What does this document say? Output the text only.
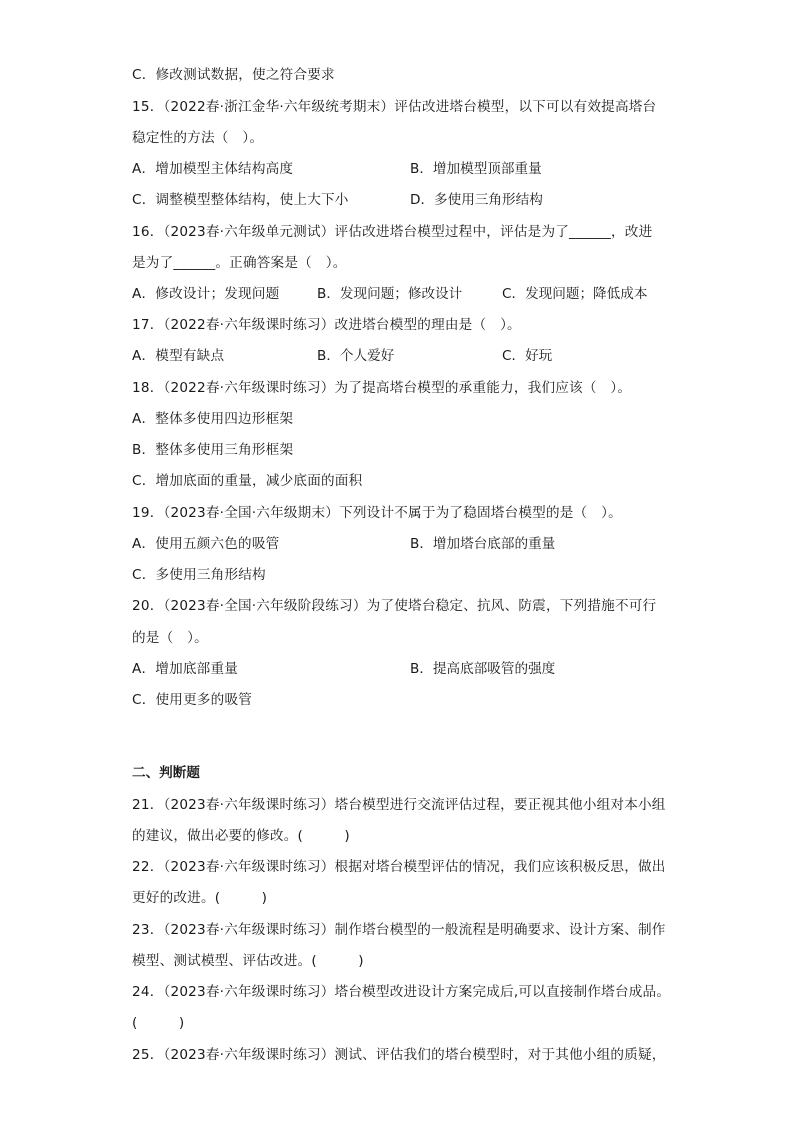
C．修改测试数据，使之符合要求
15．（2022春·浙江金华·六年级统考期末）评估改进塔台模型，以下可以有效提高塔台
稳定性的方法（　）。
A．增加模型主体结构高度	B．增加模型顶部重量
C．调整模型整体结构，使上大下小	D．多使用三角形结构
16．（2023春·六年级单元测试）评估改进塔台模型过程中，评估是为了______，改进
是为了______。正确答案是（　）。
A．修改设计；发现问题	B．发现问题；修改设计	C．发现问题；降低成本
17．（2022春·六年级课时练习）改进塔台模型的理由是（　）。
A．模型有缺点	B．个人爱好	C．好玩
18．（2022春·六年级课时练习）为了提高塔台模型的承重能力，我们应该（　）。
A．整体多使用四边形框架
B．整体多使用三角形框架
C．增加底面的重量，减少底面的面积
19．（2023春·全国·六年级期末）下列设计不属于为了稳固塔台模型的是（　）。
A．使用五颜六色的吸管	B．增加塔台底部的重量
C．多使用三角形结构
20．（2023春·全国·六年级阶段练习）为了使塔台稳定、抗风、防震，下列措施不可行
的是（　）。
A．增加底部重量	B．提高底部吸管的强度
C．使用更多的吸管
二、判断题
21．（2023春·六年级课时练习）塔台模型进行交流评估过程，要正视其他小组对本小组
的建议，做出必要的修改。(　　　)
22．（2023春·六年级课时练习）根据对塔台模型评估的情况，我们应该积极反思，做出
更好的改进。(　　　)
23．（2023春·六年级课时练习）制作塔台模型的一般流程是明确要求、设计方案、制作
模型、测试模型、评估改进。(　　　)
24．（2023春·六年级课时练习）塔台模型改进设计方案完成后,可以直接制作塔台成品。
(　　　)
25．（2023春·六年级课时练习）测试、评估我们的塔台模型时，对于其他小组的质疑，
